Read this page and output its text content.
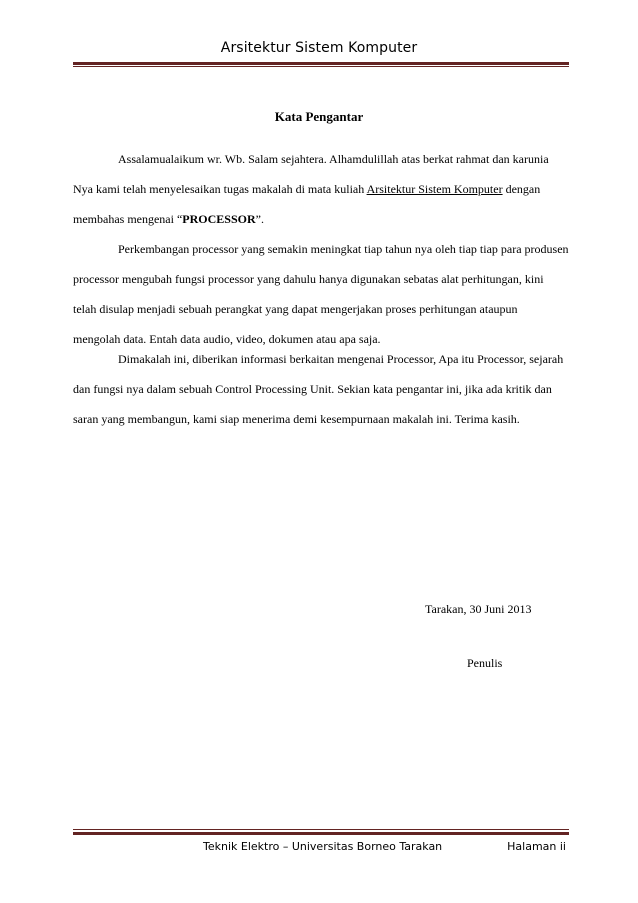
Arsitektur Sistem Komputer
Kata Pengantar
Assalamualaikum wr. Wb. Salam sejahtera. Alhamdulillah atas berkat rahmat dan karunia
Nya kami telah menyelesaikan tugas makalah di mata kuliah Arsitektur Sistem Komputer dengan
membahas mengenai “PROCESSOR”.
Perkembangan processor yang semakin meningkat tiap tahun nya oleh tiap tiap para produsen
processor mengubah fungsi processor yang dahulu hanya digunakan sebatas alat perhitungan, kini
telah disulap menjadi sebuah perangkat yang dapat mengerjakan proses perhitungan ataupun
mengolah data. Entah data audio, video, dokumen atau apa saja.
Dimakalah ini, diberikan informasi berkaitan mengenai Processor, Apa itu Processor, sejarah
dan fungsi nya dalam sebuah Control Processing Unit. Sekian kata pengantar ini, jika ada kritik dan
saran yang membangun, kami siap menerima demi kesempurnaan makalah ini. Terima kasih.
Tarakan, 30 Juni 2013
Penulis
Teknik Elektro – Universitas Borneo Tarakan	Halaman ii
